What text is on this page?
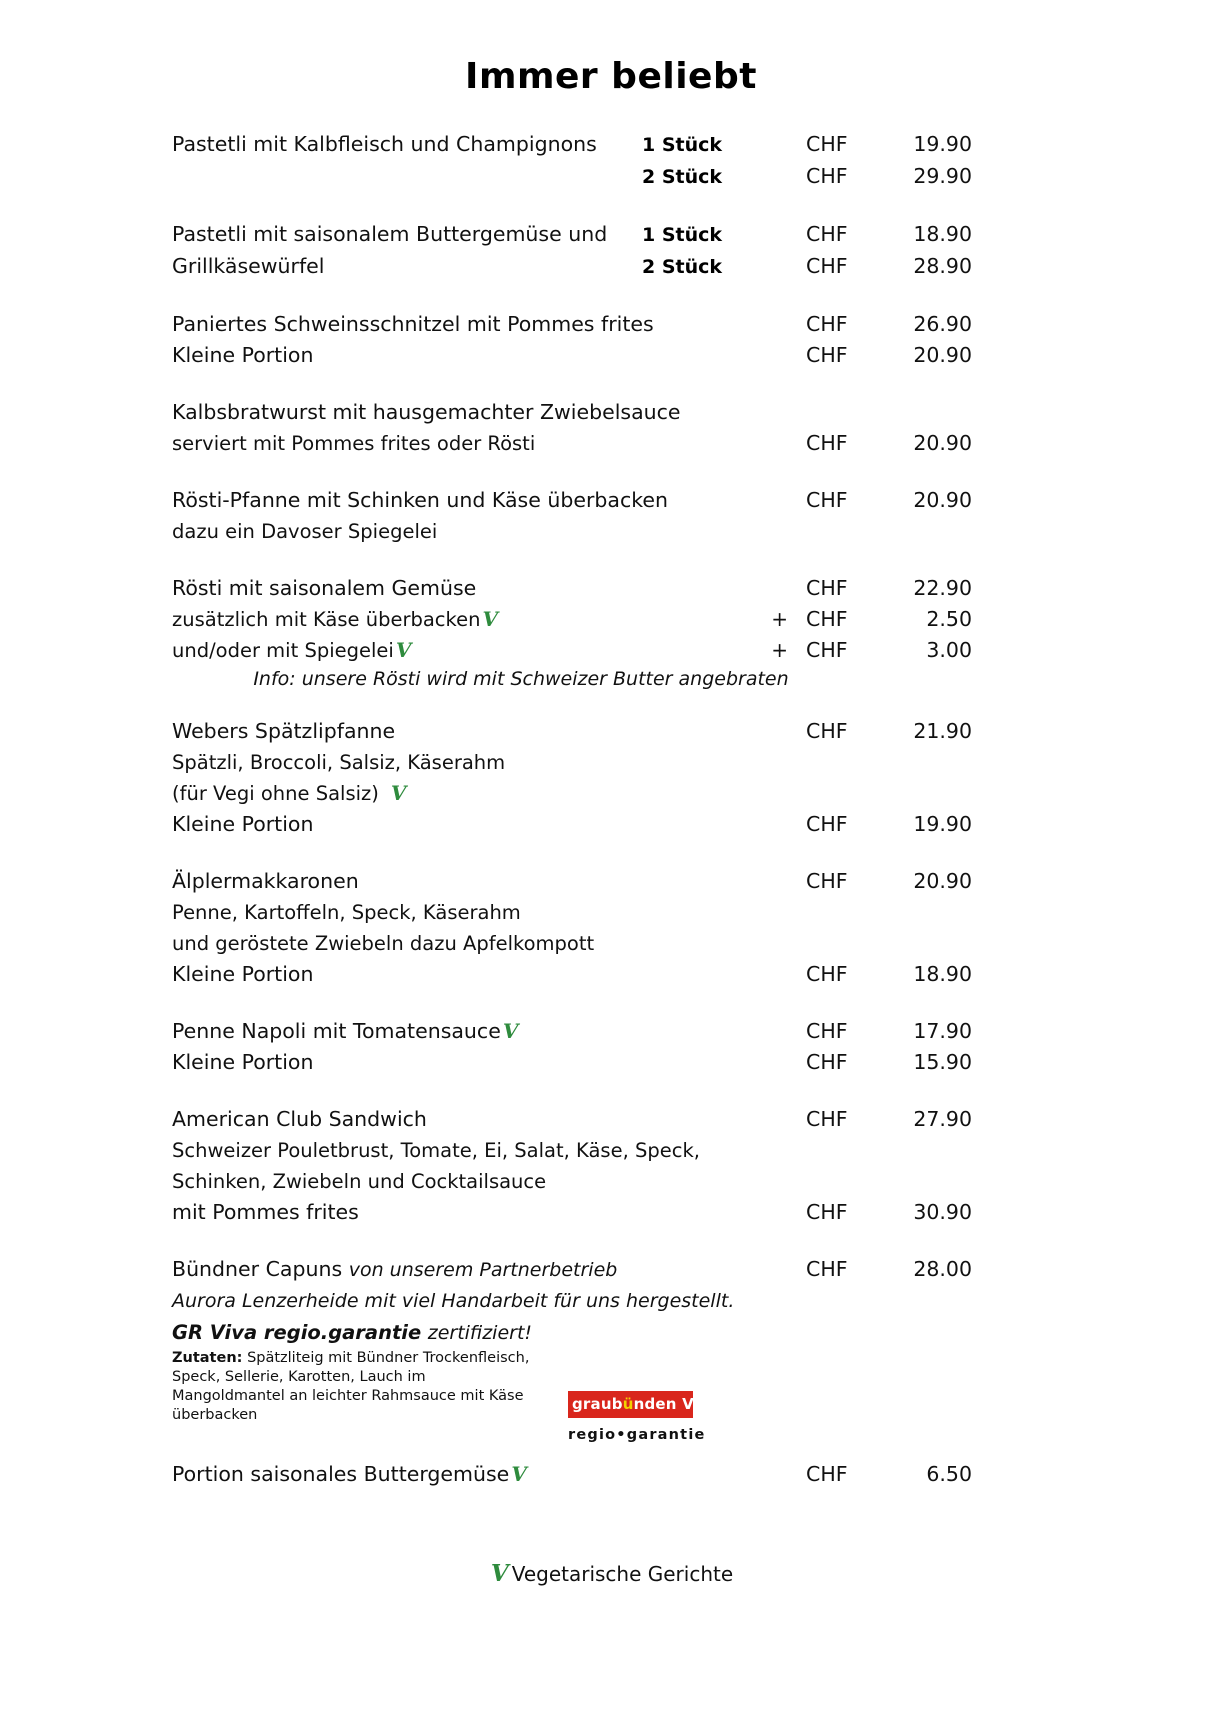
Immer beliebt
Pastetli mit Kalbfleisch und Champignons	1 Stück	CHF	19.90
2 Stück	CHF	29.90
Pastetli mit saisonalem Buttergemüse und	1 Stück	CHF	18.90
Grillkäsewürfel	2 Stück	CHF	28.90
Paniertes Schweinsschnitzel mit Pommes frites	CHF	26.90
Kleine Portion	CHF	20.90
Kalbsbratwurst mit hausgemachter Zwiebelsauce
serviert mit Pommes frites oder Rösti	CHF	20.90
Rösti-Pfanne mit Schinken und Käse überbacken	CHF	20.90
dazu ein Davoser Spiegelei
Rösti mit saisonalem Gemüse	CHF	22.90
zusätzlich mit Käse überbacken V	+ CHF	2.50
und/oder mit Spiegelei V	+ CHF	3.00
Info: unsere Rösti wird mit Schweizer Butter angebraten
Webers Spätzlipfanne	CHF	21.90
Spätzli, Broccoli, Salsiz, Käserahm
(für Vegi ohne Salsiz) V
Kleine Portion	CHF	19.90
Älplermakkaronen	CHF	20.90
Penne, Kartoffeln, Speck, Käserahm
und geröstete Zwiebeln dazu Apfelkompott
Kleine Portion	CHF	18.90
Penne Napoli mit Tomatensauce V	CHF	17.90
Kleine Portion	CHF	15.90
American Club Sandwich	CHF	27.90
Schweizer Pouletbrust, Tomate, Ei, Salat, Käse, Speck,
Schinken, Zwiebeln und Cocktailsauce
mit Pommes frites	CHF	30.90
Bündner Capuns von unserem Partnerbetrieb	CHF	28.00
Aurora Lenzerheide mit viel Handarbeit für uns hergestellt.
GR Viva regio.garantie zertifiziert!
Zutaten: Spätzliteig mit Bündner Trockenfleisch, Speck, Sellerie, Karotten, Lauch im Mangoldmantel an leichter Rahmsauce mit Käse überbacken
graubünden VIVA
regio•garantie
Portion saisonales Buttergemüse V	CHF	6.50
V Vegetarische Gerichte
